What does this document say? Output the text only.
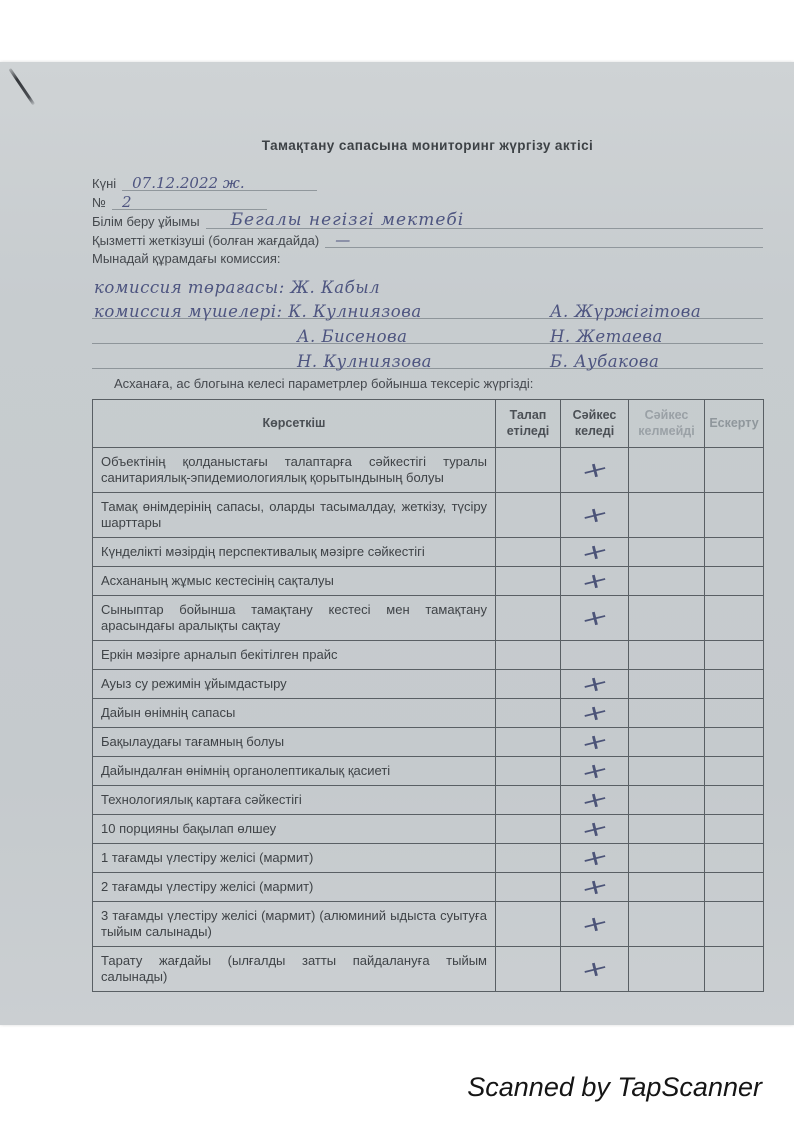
Тамақтану сапасына мониторинг жүргізу актісі
Күні	07.12.2022 ж.
№	2
Білім беру ұйымы	Бегалы негізгі мектебі
Қызметті жеткізуші (болған жағдайда)	—
Мынадай құрамдағы комиссия:
комиссия төрағасы: Ж. Кабыл
комиссия мүшелері: К. Кулниязова	А. Жүржігітова
А. Бисенова	Н. Жетаева
Н. Кулниязова	Б. Аубакова
Асханаға, ас блогына келесі параметрлер бойынша тексеріс жүргізді:
Көрсеткіш	Талап етіледі	Сәйкес келеді	Сәйкес келмейді	Ескерту
Объектінің қолданыстағы талаптарға сәйкестігі туралы санитариялық-эпидемиологиялық қорытындының болуы		+		
Тамақ өнімдерінің сапасы, оларды тасымалдау, жеткізу, түсіру шарттары		+		
Күнделікті мәзірдің перспективалық мәзірге сәйкестігі		+		
Асхананың жұмыс кестесінің сақталуы		+		
Сыныптар бойынша тамақтану кестесі мен тамақтану арасындағы аралықты сақтау		+		
Еркін мәзірге арналып бекітілген прайс				
Ауыз су режимін ұйымдастыру		+		
Дайын өнімнің сапасы		+		
Бақылаудағы тағамның болуы		+		
Дайындалған өнімнің органолептикалық қасиеті		+		
Технологиялық картаға сәйкестігі		+		
10 порцияны бақылап өлшеу		+		
1 тағамды үлестіру желісі (мармит)		+		
2 тағамды үлестіру желісі (мармит)		+		
3 тағамды үлестіру желісі (мармит) (алюминий ыдыста суытуға тыйым салынады)		+		
Тарату жағдайы (ылғалды затты пайдалануға тыйым салынады)		+		
Scanned by TapScanner
